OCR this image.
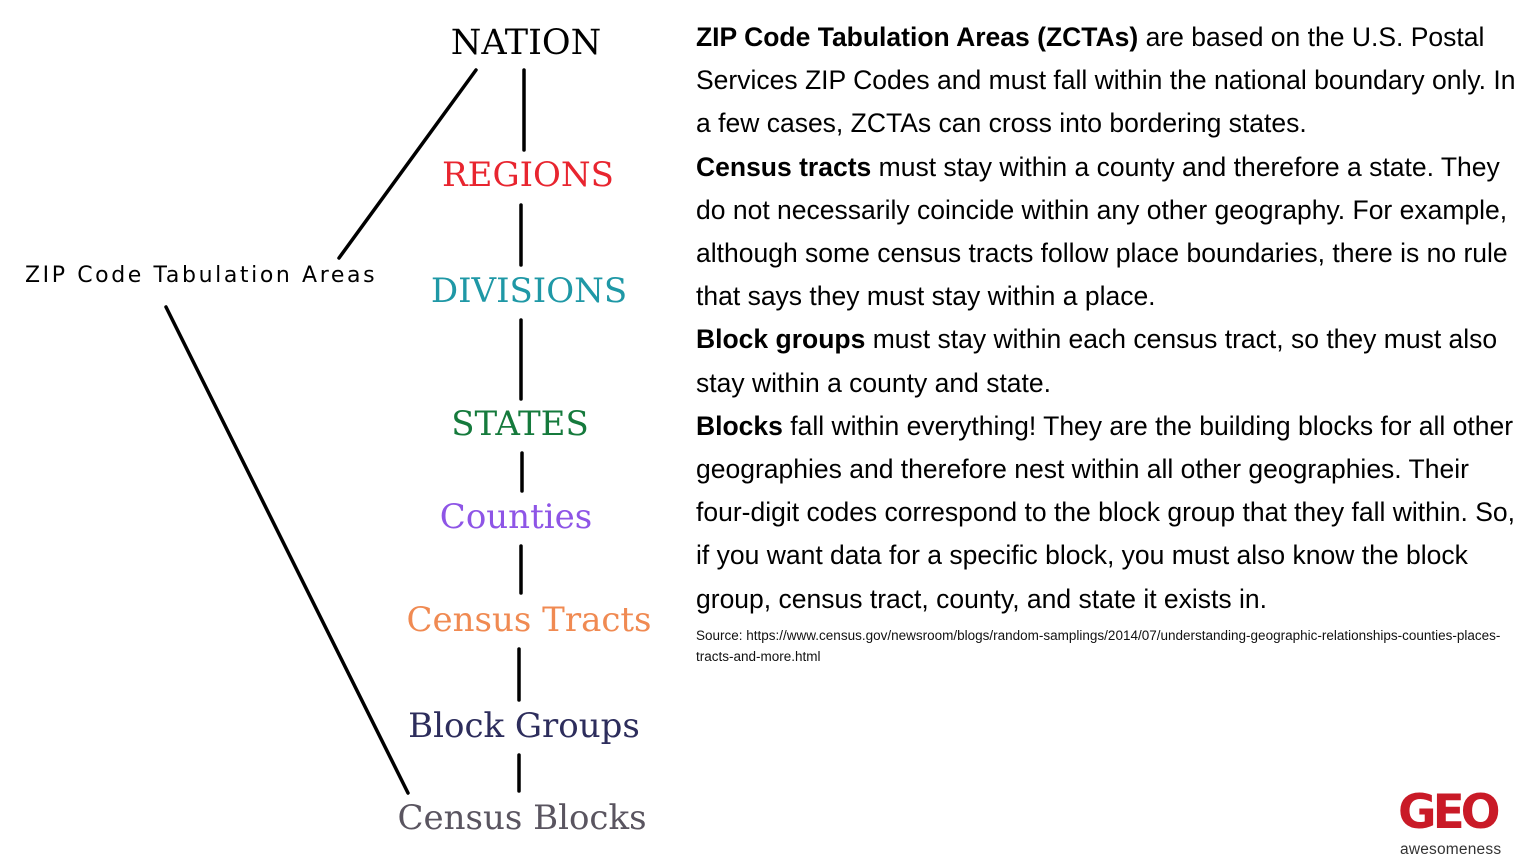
NATION
REGIONS
DIVISIONS
STATES
Counties
Census Tracts
Block Groups
Census Blocks
ZIP Code Tabulation Areas

ZIP Code Tabulation Areas (ZCTAs) are based on the U.S. Postal Services ZIP Codes and must fall within the national boundary only. In a few cases, ZCTAs can cross into bordering states.

Census tracts must stay within a county and therefore a state. They do not necessarily coincide within any other geography. For example, although some census tracts follow place boundaries, there is no rule that says they must stay within a place.

Block groups must stay within each census tract, so they must also stay within a county and state.

Blocks fall within everything! They are the building blocks for all other geographies and therefore nest within all other geographies. Their four-digit codes correspond to the block group that they fall within. So, if you want data for a specific block, you must also know the block group, census tract, county, and state it exists in.

Source: https://www.census.gov/newsroom/blogs/random-samplings/2014/07/understanding-geographic-relationships-counties-places-tracts-and-more.html

GEO
awesomeness
